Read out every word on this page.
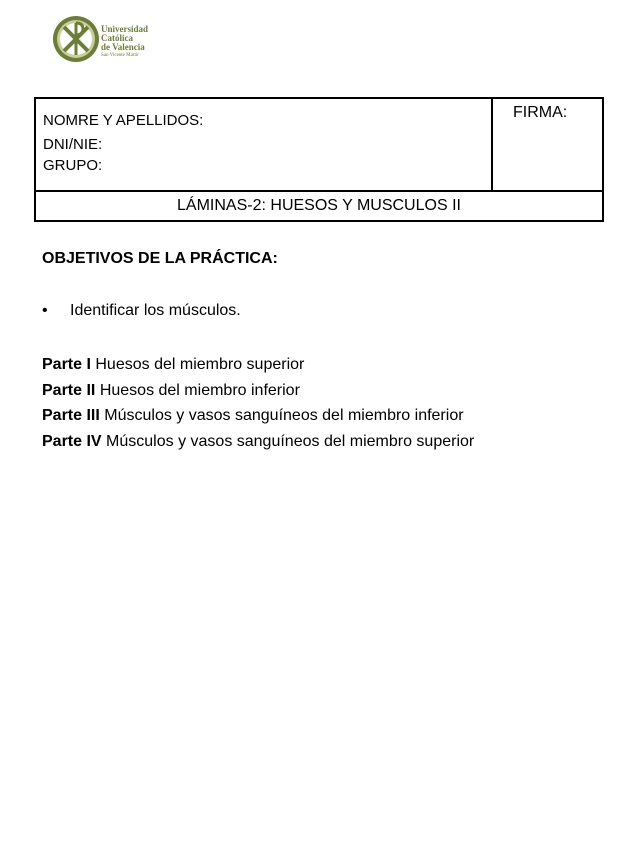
Universidad
Católica
de Valencia
San Vicente Mártir
NOMRE Y APELLIDOS:
DNI/NIE:
GRUPO:
FIRMA:
LÁMINAS-2: HUESOS Y MUSCULOS II
OBJETIVOS DE LA PRÁCTICA:
• Identificar los músculos.
Parte I Huesos del miembro superior
Parte II Huesos del miembro inferior
Parte III Músculos y vasos sanguíneos del miembro inferior
Parte IV Músculos y vasos sanguíneos del miembro superior
